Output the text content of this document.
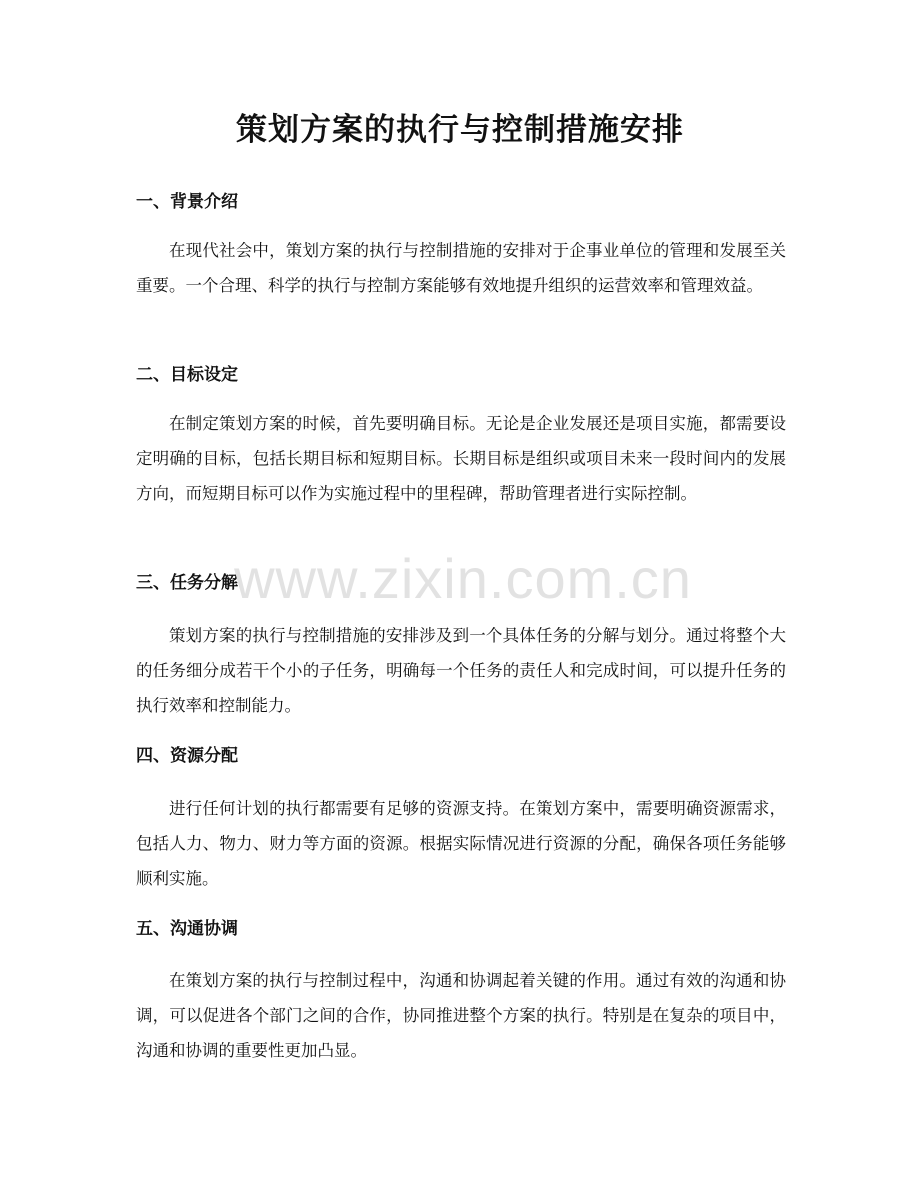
策划方案的执行与控制措施安排
一、背景介绍

在现代社会中，策划方案的执行与控制措施的安排对于企事业单位的管理和发展至关重要。一个合理、科学的执行与控制方案能够有效地提升组织的运营效率和管理效益。

二、目标设定

在制定策划方案的时候，首先要明确目标。无论是企业发展还是项目实施，都需要设定明确的目标，包括长期目标和短期目标。长期目标是组织或项目未来一段时间内的发展方向，而短期目标可以作为实施过程中的里程碑，帮助管理者进行实际控制。

三、任务分解

策划方案的执行与控制措施的安排涉及到一个具体任务的分解与划分。通过将整个大的任务细分成若干个小的子任务，明确每一个任务的责任人和完成时间，可以提升任务的执行效率和控制能力。

四、资源分配

进行任何计划的执行都需要有足够的资源支持。在策划方案中，需要明确资源需求，包括人力、物力、财力等方面的资源。根据实际情况进行资源的分配，确保各项任务能够顺利实施。

五、沟通协调

在策划方案的执行与控制过程中，沟通和协调起着关键的作用。通过有效的沟通和协调，可以促进各个部门之间的合作，协同推进整个方案的执行。特别是在复杂的项目中，沟通和协调的重要性更加凸显。

www.zixin.com.cn
